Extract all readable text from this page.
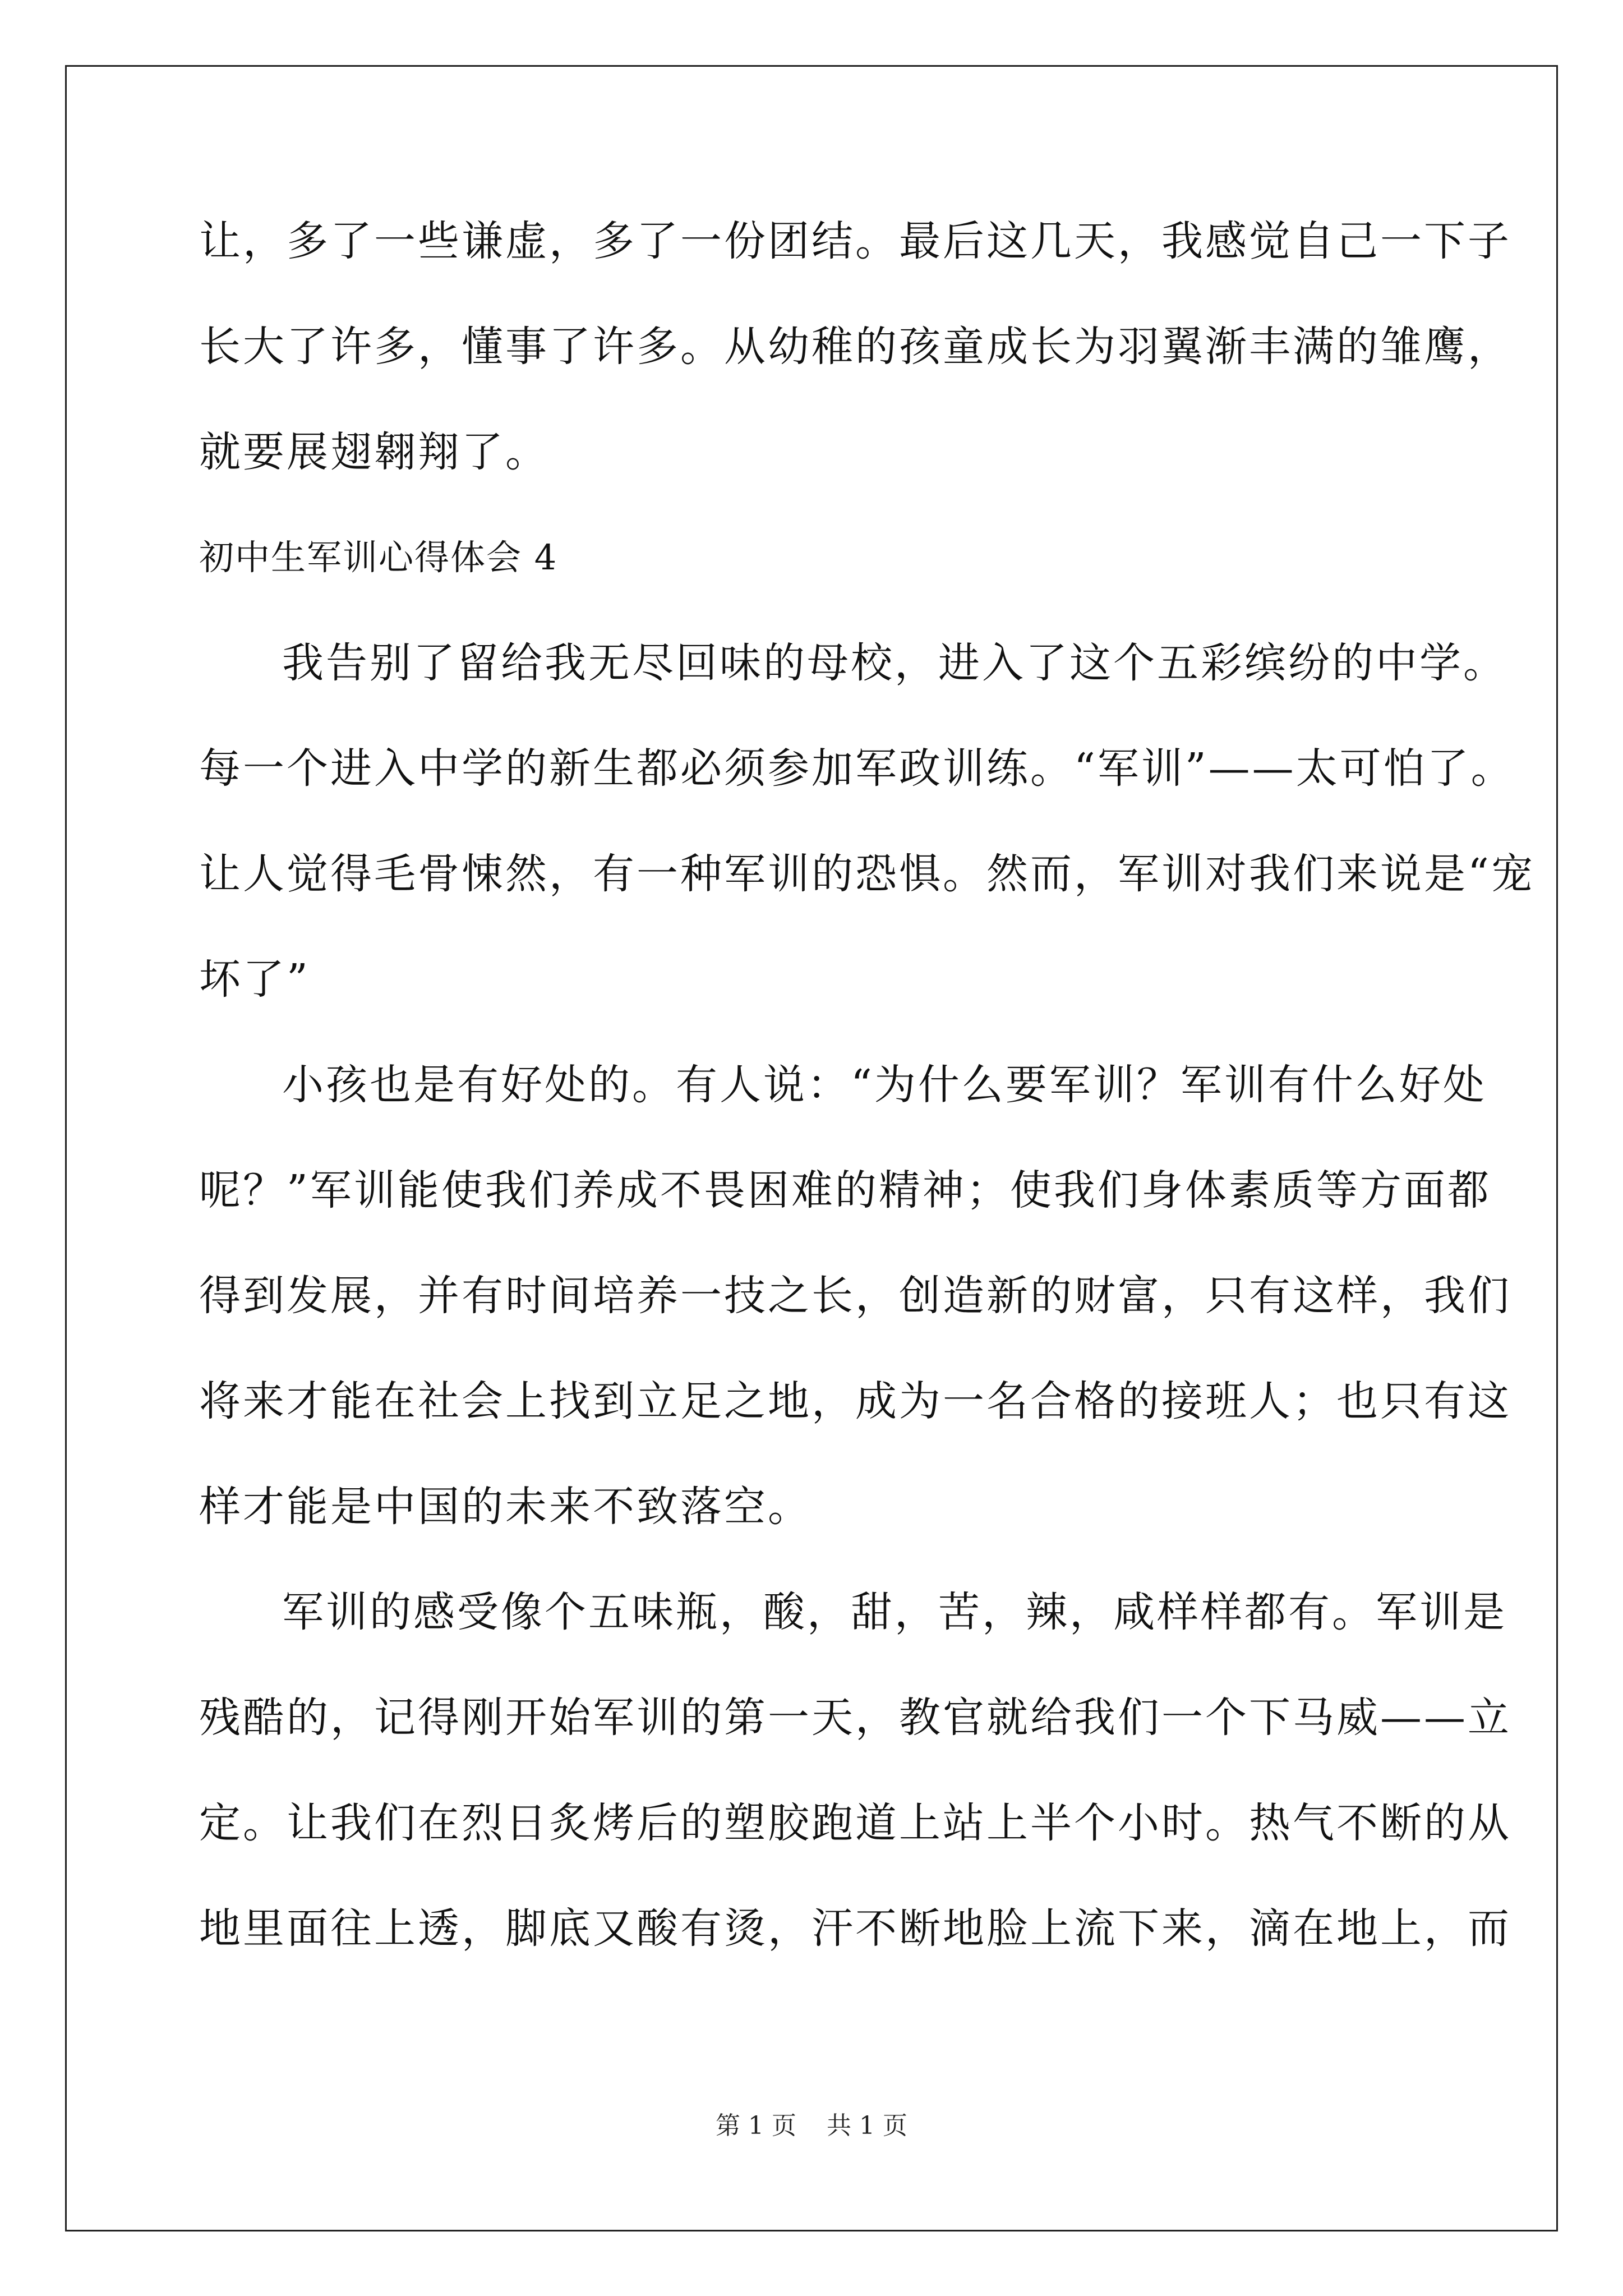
让，多了一些谦虚，多了一份团结。最后这几天，我感觉自己一下子
长大了许多，懂事了许多。从幼稚的孩童成长为羽翼渐丰满的雏鹰，
就要展翅翱翔了。
初中生军训心得体会 4
我告别了留给我无尽回味的母校，进入了这个五彩缤纷的中学。
每一个进入中学的新生都必须参加军政训练。“军训”——太可怕了。
让人觉得毛骨悚然，有一种军训的恐惧。然而，军训对我们来说是“宠
坏了”
小孩也是有好处的。有人说：“为什么要军训？军训有什么好处
呢？”军训能使我们养成不畏困难的精神；使我们身体素质等方面都
得到发展，并有时间培养一技之长，创造新的财富，只有这样，我们
将来才能在社会上找到立足之地，成为一名合格的接班人；也只有这
样才能是中国的未来不致落空。
军训的感受像个五味瓶，酸，甜，苦，辣，咸样样都有。军训是
残酷的，记得刚开始军训的第一天，教官就给我们一个下马威——立
定。让我们在烈日炙烤后的塑胶跑道上站上半个小时。热气不断的从
地里面往上透，脚底又酸有烫，汗不断地脸上流下来，滴在地上，而
第 1 页 共 1 页
